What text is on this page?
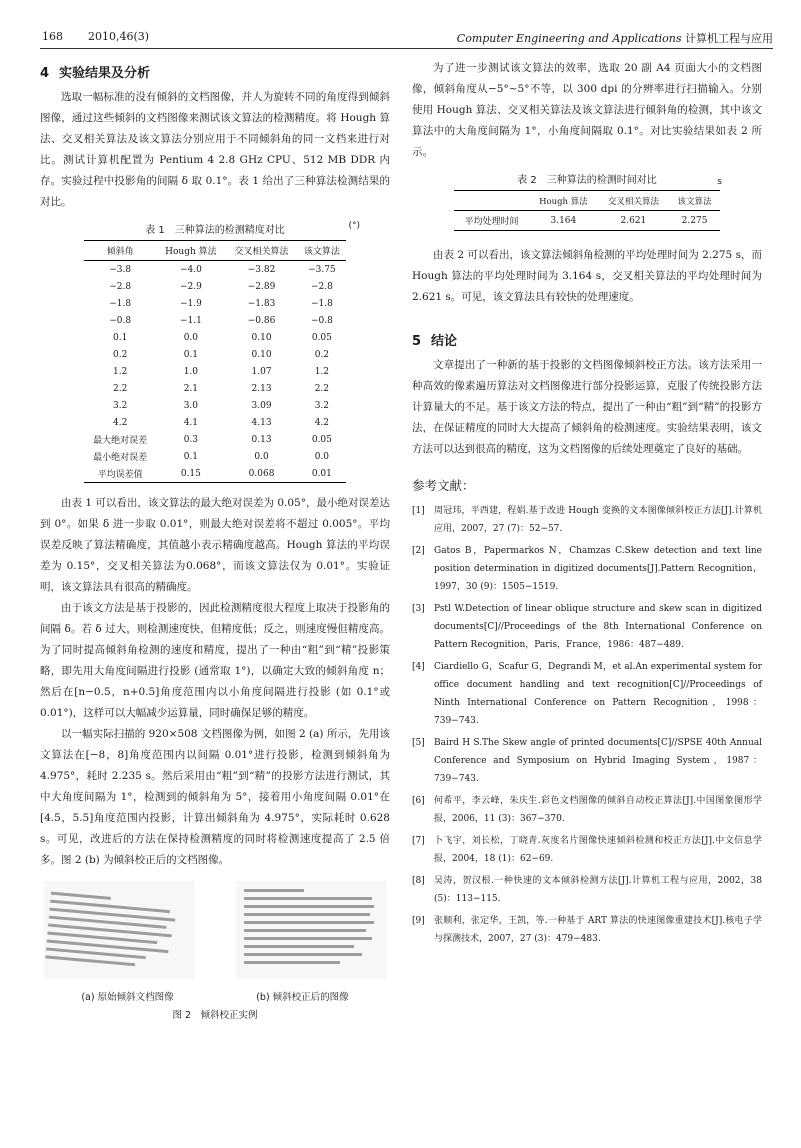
168 2010,46(3)	Computer Engineering and Applications 计算机工程与应用
4 实验结果及分析

选取一幅标准的没有倾斜的文档图像，并人为旋转不同的角度得到倾斜图像，通过这些倾斜的文档图像来测试该文算法的检测精度。将 Hough 算法、交叉相关算法及该文算法分别应用于不同倾斜角的同一文档来进行对比。测试计算机配置为 Pentium 4 2.8 GHz CPU、512 MB DDR 内存。实验过程中投影角的间隔 δ 取 0.1°。表 1 给出了三种算法检测结果的对比。

表 1　三种算法的检测精度对比	(°)
倾斜角	Hough 算法	交叉相关算法	该文算法
−3.8	−4.0	−3.82	−3.75
−2.8	−2.9	−2.89	−2.8
−1.8	−1.9	−1.83	−1.8
−0.8	−1.1	−0.86	−0.8
0.1	0.0	0.10	0.05
0.2	0.1	0.10	0.2
1.2	1.0	1.07	1.2
2.2	2.1	2.13	2.2
3.2	3.0	3.09	3.2
4.2	4.1	4.13	4.2
最大绝对误差	0.3	0.13	0.05
最小绝对误差	0.1	0.0	0.0
平均误差值	0.15	0.068	0.01

由表 1 可以看出，该文算法的最大绝对误差为 0.05°，最小绝对误差达到 0°。如果 δ 进一步取 0.01°，则最大绝对误差将不超过 0.005°。平均误差反映了算法精确度，其值越小表示精确度越高。Hough 算法的平均误差为 0.15°，交叉相关算法为0.068°，而该文算法仅为 0.01°。实验证明，该文算法具有很高的精确度。

由于该文方法是基于投影的，因此检测精度很大程度上取决于投影角的间隔 δ。若 δ 过大，则检测速度快，但精度低；反之，则速度慢但精度高。为了同时提高倾斜角检测的速度和精度，提出了一种由“粗”到“精”投影策略，即先用大角度间隔进行投影 (通常取 1°)，以确定大致的倾斜角度 n；然后在[n−0.5，n+0.5]角度范围内以小角度间隔进行投影 (如 0.1°或 0.01°)，这样可以大幅减少运算量，同时确保足够的精度。

以一幅实际扫描的 920×508 文档图像为例，如图 2 (a) 所示，先用该文算法在[−8，8]角度范围内以间隔 0.01°进行投影，检测到倾斜角为 4.975°，耗时 2.235 s。然后采用由“粗”到“精”的投影方法进行测试，其中大角度间隔为 1°，检测到的倾斜角为 5°，接着用小角度间隔 0.01°在[4.5，5.5]角度范围内投影，计算出倾斜角为 4.975°，实际耗时 0.628 s。可见，改进后的方法在保持检测精度的同时将检测速度提高了 2.5 倍多。图 2 (b) 为倾斜校正后的文档图像。

(a) 原始倾斜文档图像	(b) 倾斜校正后的图像
图 2　倾斜校正实例

为了进一步测试该文算法的效率，选取 20 副 A4 页面大小的文档图像，倾斜角度从−5°~5°不等，以 300 dpi 的分辨率进行扫描输入。分别使用 Hough 算法、交叉相关算法及该文算法进行倾斜角的检测，其中该文算法中的大角度间隔为 1°，小角度间隔取 0.1°。对比实验结果如表 2 所示。

表 2　三种算法的检测时间对比	s
	Hough 算法	交叉相关算法	该文算法
平均处理时间	3.164	2.621	2.275

由表 2 可以看出，该文算法倾斜角检测的平均处理时间为 2.275 s，而 Hough 算法的平均处理时间为 3.164 s，交叉相关算法的平均处理时间为 2.621 s。可见，该文算法具有较快的处理速度。

5 结论

文章提出了一种新的基于投影的文档图像倾斜校正方法。该方法采用一种高效的像素遍历算法对文档图像进行部分投影运算，克服了传统投影方法计算量大的不足。基于该文方法的特点，提出了一种由“粗”到“精”的投影方法，在保证精度的同时大大提高了倾斜角的检测速度。实验结果表明，该文方法可以达到很高的精度，这为文档图像的后续处理奠定了良好的基础。

参考文献：
[1]	周冠玮，平西建，程娟.基于改进 Hough 变换的文本图像倾斜校正方法[J].计算机应用，2007，27 (7)：52−57.
[2]	Gatos B，Papermarkos N，Chamzas C.Skew detection and text line position determination in digitized documents[J].Pattern Recognition，1997，30 (9)：1505−1519.
[3]	Pstl W.Detection of linear oblique structure and skew scan in digitized documents[C]//Proceedings of the 8th International Conference on Pattern Recognition，Paris，France，1986：487−489.
[4]	Ciardiello G，Scafur G，Degrandi M，et al.An experimental system for office document handling and text recognition[C]//Proceedings of Ninth International Conference on Pattern Recognition，1998：739−743.
[5]	Baird H S.The Skew angle of printed documents[C]//SPSE 40th Annual Conference and Symposium on Hybrid Imaging System，1987：739−743.
[6]	何希平，李云峰，朱庆生.彩色文档图像的倾斜自动校正算法[J].中国图象图形学报，2006，11 (3)：367−370.
[7]	卜飞宇，刘长松，丁晓青.灰度名片图像快速倾斜检测和校正方法[J].中文信息学报，2004，18 (1)：62−69.
[8]	吴涛，贺汉根.一种快速的文本倾斜检测方法[J].计算机工程与应用，2002，38 (5)：113−115.
[9]	张顺利，张定华，王凯，等.一种基于 ART 算法的快速图像重建技术[J].核电子学与探测技术，2007，27 (3)：479−483.
